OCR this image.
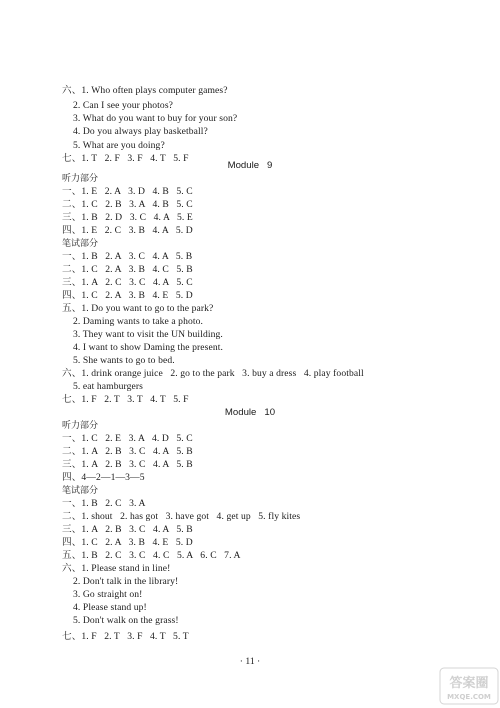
六、1. Who often plays computer games?
2. Can I see your photos?
3. What do you want to buy for your son?
4. Do you always play basketball?
5. What are you doing?
七、1. T   2. F   3. F   4. T   5. F
Module   9
听力部分
一、1. E   2. A   3. D   4. B   5. C
二、1. C   2. B   3. A   4. B   5. C
三、1. B   2. D   3. C   4. A   5. E
四、1. E   2. C   3. B   4. A   5. D
笔试部分
一、1. B   2. A   3. C   4. A   5. B
二、1. C   2. A   3. B   4. C   5. B
三、1. A   2. C   3. C   4. A   5. C
四、1. C   2. A   3. B   4. E   5. D
五、1. Do you want to go to the park?
2. Daming wants to take a photo.
3. They want to visit the UN building.
4. I want to show Daming the present.
5. She wants to go to bed.
六、1. drink orange juice   2. go to the park   3. buy a dress   4. play football
5. eat hamburgers
七、1. F   2. T   3. T   4. T   5. F
Module   10
听力部分
一、1. C   2. E   3. A   4. D   5. C
二、1. A   2. B   3. C   4. A   5. B
三、1. A   2. B   3. C   4. A   5. B
四、4—2—1—3—5
笔试部分
一、1. B   2. C   3. A
二、1. shout   2. has got   3. have got   4. get up   5. fly kites
三、1. A   2. B   3. C   4. A   5. B
四、1. C   2. A   3. B   4. E   5. D
五、1. B   2. C   3. C   4. C   5. A   6. C   7. A
六、1. Please stand in line!
2. Don't talk in the library!
3. Go straight on!
4. Please stand up!
5. Don't walk on the grass!
七、1. F   2. T   3. F   4. T   5. T
· 11 ·
答案圈
MXQE.COM
